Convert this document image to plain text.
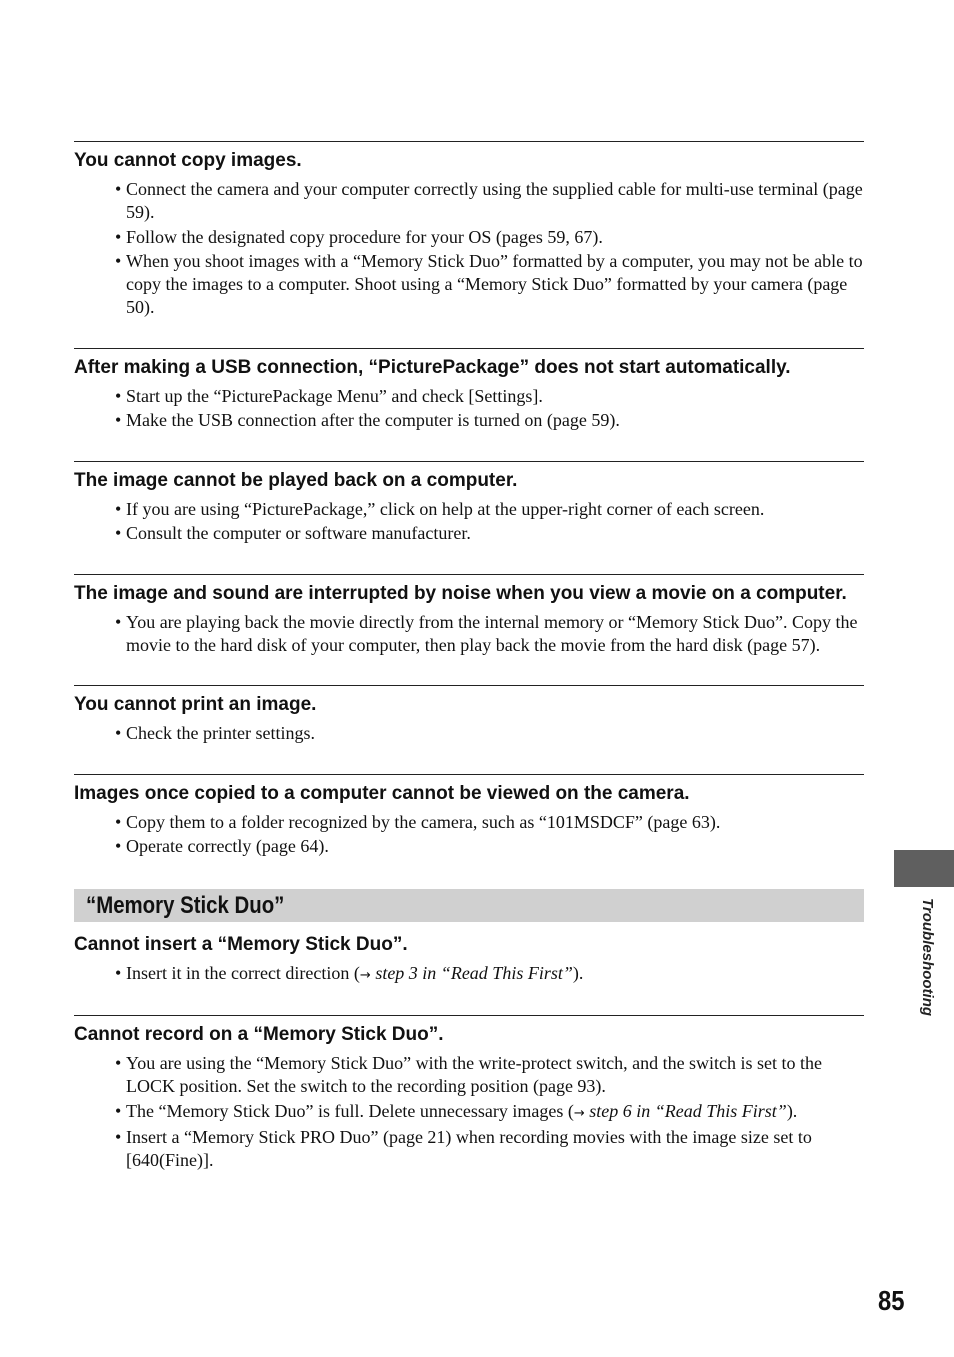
You cannot copy images.
• Connect the camera and your computer correctly using the supplied cable for multi-use terminal (page 59).
• Follow the designated copy procedure for your OS (pages 59, 67).
• When you shoot images with a “Memory Stick Duo” formatted by a computer, you may not be able to copy the images to a computer. Shoot using a “Memory Stick Duo” formatted by your camera (page 50).
After making a USB connection, “PicturePackage” does not start automatically.
• Start up the “PicturePackage Menu” and check [Settings].
• Make the USB connection after the computer is turned on (page 59).
The image cannot be played back on a computer.
• If you are using “PicturePackage,” click on help at the upper-right corner of each screen.
• Consult the computer or software manufacturer.
The image and sound are interrupted by noise when you view a movie on a computer.
• You are playing back the movie directly from the internal memory or “Memory Stick Duo”. Copy the movie to the hard disk of your computer, then play back the movie from the hard disk (page 57).
You cannot print an image.
• Check the printer settings.
Images once copied to a computer cannot be viewed on the camera.
• Copy them to a folder recognized by the camera, such as “101MSDCF” (page 63).
• Operate correctly (page 64).
“Memory Stick Duo”
Cannot insert a “Memory Stick Duo”.
• Insert it in the correct direction (→ step 3 in “Read This First”).
Cannot record on a “Memory Stick Duo”.
• You are using the “Memory Stick Duo” with the write-protect switch, and the switch is set to the LOCK position. Set the switch to the recording position (page 93).
• The “Memory Stick Duo” is full. Delete unnecessary images (→ step 6 in “Read This First”).
• Insert a “Memory Stick PRO Duo” (page 21) when recording movies with the image size set to [640(Fine)].
Troubleshooting
85
